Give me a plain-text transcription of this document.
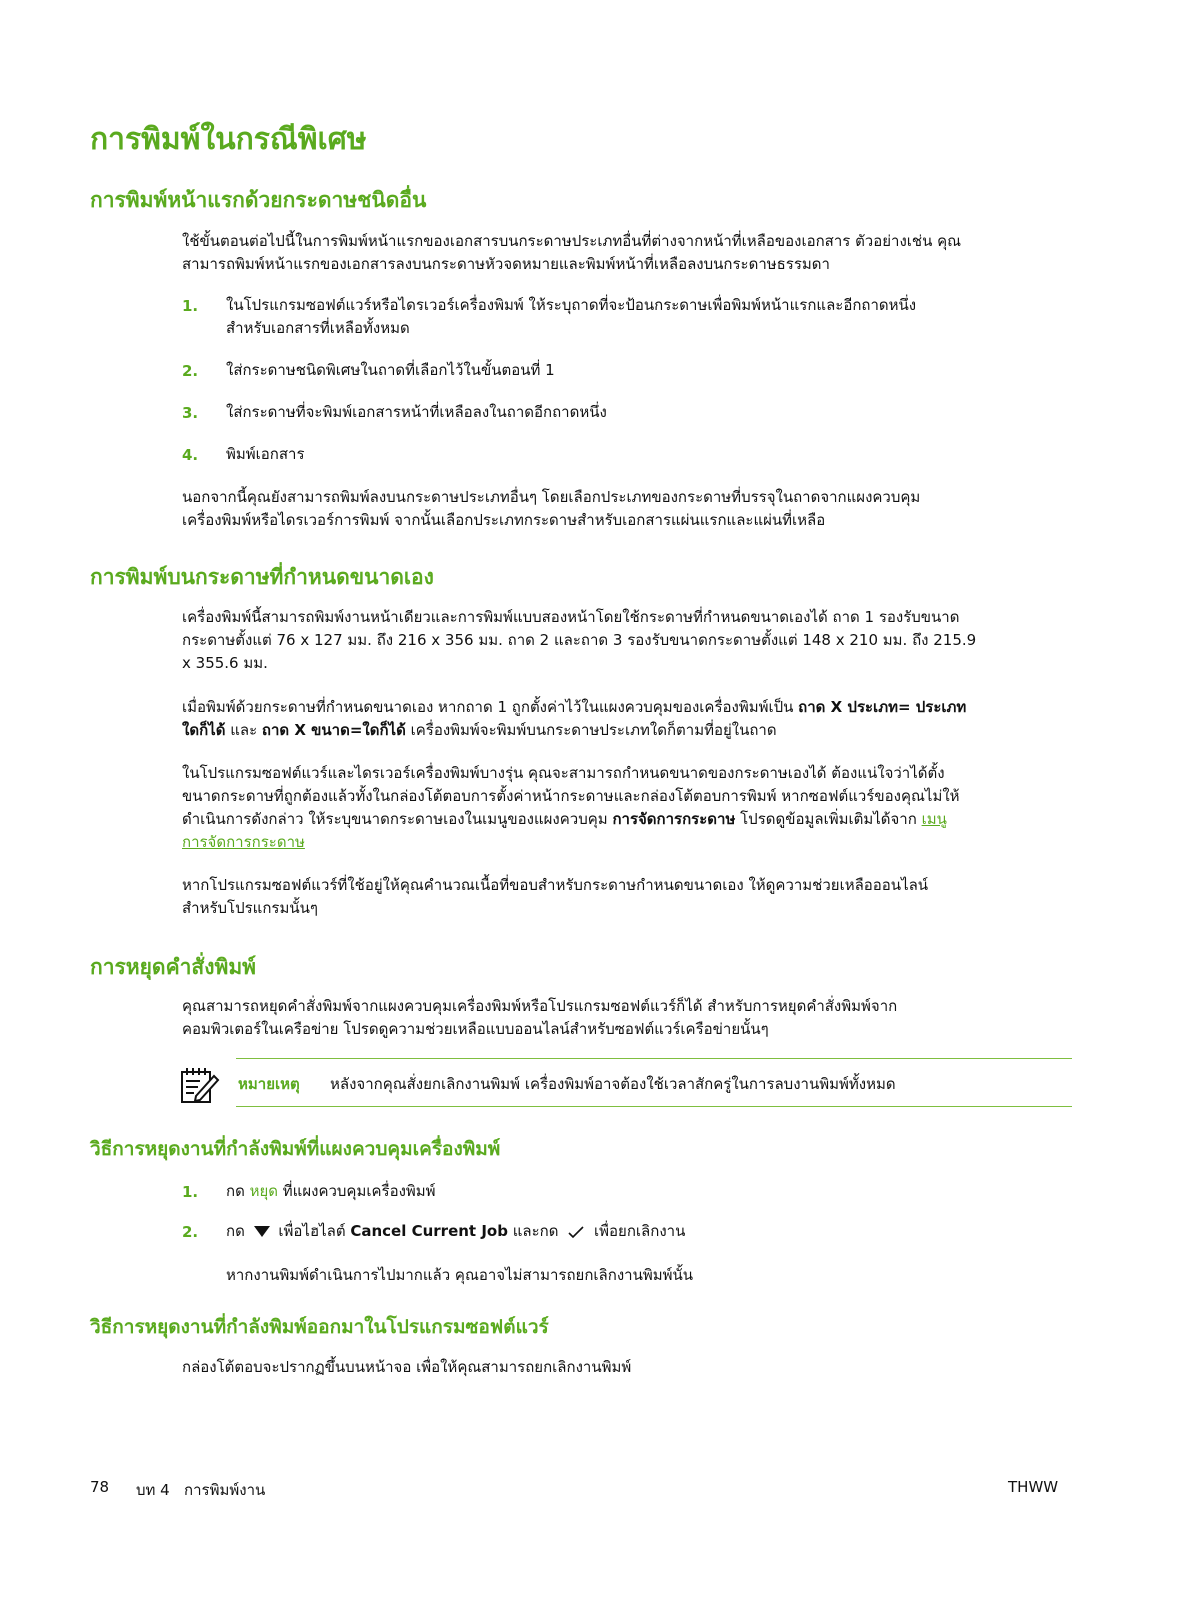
การพิมพ์ในกรณีพิเศษ
การพิมพ์หน้าแรกด้วยกระดาษชนิดอื่น
ใช้ขั้นตอนต่อไปนี้ในการพิมพ์หน้าแรกของเอกสารบนกระดาษประเภทอื่นที่ต่างจากหน้าที่เหลือของเอกสาร ตัวอย่างเช่น คุณ
สามารถพิมพ์หน้าแรกของเอกสารลงบนกระดาษหัวจดหมายและพิมพ์หน้าที่เหลือลงบนกระดาษธรรมดา
1. ในโปรแกรมซอฟต์แวร์หรือไดรเวอร์เครื่องพิมพ์ ให้ระบุถาดที่จะป้อนกระดาษเพื่อพิมพ์หน้าแรกและอีกถาดหนึ่ง
สำหรับเอกสารที่เหลือทั้งหมด
2. ใส่กระดาษชนิดพิเศษในถาดที่เลือกไว้ในขั้นตอนที่ 1
3. ใส่กระดาษที่จะพิมพ์เอกสารหน้าที่เหลือลงในถาดอีกถาดหนึ่ง
4. พิมพ์เอกสาร
นอกจากนี้คุณยังสามารถพิมพ์ลงบนกระดาษประเภทอื่นๆ โดยเลือกประเภทของกระดาษที่บรรจุในถาดจากแผงควบคุม
เครื่องพิมพ์หรือไดรเวอร์การพิมพ์ จากนั้นเลือกประเภทกระดาษสำหรับเอกสารแผ่นแรกและแผ่นที่เหลือ
การพิมพ์บนกระดาษที่กำหนดขนาดเอง
เครื่องพิมพ์นี้สามารถพิมพ์งานหน้าเดียวและการพิมพ์แบบสองหน้าโดยใช้กระดาษที่กำหนดขนาดเองได้ ถาด 1 รองรับขนาด
กระดาษตั้งแต่ 76 x 127 มม. ถึง 216 x 356 มม. ถาด 2 และถาด 3 รองรับขนาดกระดาษตั้งแต่ 148 x 210 มม. ถึง 215.9
x 355.6 มม.
เมื่อพิมพ์ด้วยกระดาษที่กำหนดขนาดเอง หากถาด 1 ถูกตั้งค่าไว้ในแผงควบคุมของเครื่องพิมพ์เป็น ถาด X ประเภท= ประเภท
ใดก็ได้ และ ถาด X ขนาด=ใดก็ได้ เครื่องพิมพ์จะพิมพ์บนกระดาษประเภทใดก็ตามที่อยู่ในถาด
ในโปรแกรมซอฟต์แวร์และไดรเวอร์เครื่องพิมพ์บางรุ่น คุณจะสามารถกำหนดขนาดของกระดาษเองได้ ต้องแน่ใจว่าได้ตั้ง
ขนาดกระดาษที่ถูกต้องแล้วทั้งในกล่องโต้ตอบการตั้งค่าหน้ากระดาษและกล่องโต้ตอบการพิมพ์ หากซอฟต์แวร์ของคุณไม่ให้
ดำเนินการดังกล่าว ให้ระบุขนาดกระดาษเองในเมนูของแผงควบคุม การจัดการกระดาษ โปรดดูข้อมูลเพิ่มเติมได้จาก เมนู
การจัดการกระดาษ
หากโปรแกรมซอฟต์แวร์ที่ใช้อยู่ให้คุณคำนวณเนื้อที่ขอบสำหรับกระดาษกำหนดขนาดเอง ให้ดูความช่วยเหลือออนไลน์
สำหรับโปรแกรมนั้นๆ
การหยุดคำสั่งพิมพ์
คุณสามารถหยุดคำสั่งพิมพ์จากแผงควบคุมเครื่องพิมพ์หรือโปรแกรมซอฟต์แวร์ก็ได้ สำหรับการหยุดคำสั่งพิมพ์จาก
คอมพิวเตอร์ในเครือข่าย โปรดดูความช่วยเหลือแบบออนไลน์สำหรับซอฟต์แวร์เครือข่ายนั้นๆ
หมายเหตุ หลังจากคุณสั่งยกเลิกงานพิมพ์ เครื่องพิมพ์อาจต้องใช้เวลาสักครู่ในการลบงานพิมพ์ทั้งหมด
วิธีการหยุดงานที่กำลังพิมพ์ที่แผงควบคุมเครื่องพิมพ์
1. กด หยุด ที่แผงควบคุมเครื่องพิมพ์
2. กด เพื่อไฮไลต์ Cancel Current Job และกด เพื่อยกเลิกงาน
หากงานพิมพ์ดำเนินการไปมากแล้ว คุณอาจไม่สามารถยกเลิกงานพิมพ์นั้น
วิธีการหยุดงานที่กำลังพิมพ์ออกมาในโปรแกรมซอฟต์แวร์
กล่องโต้ตอบจะปรากฏขึ้นบนหน้าจอ เพื่อให้คุณสามารถยกเลิกงานพิมพ์
78 บท 4   การพิมพ์งาน	THWW
